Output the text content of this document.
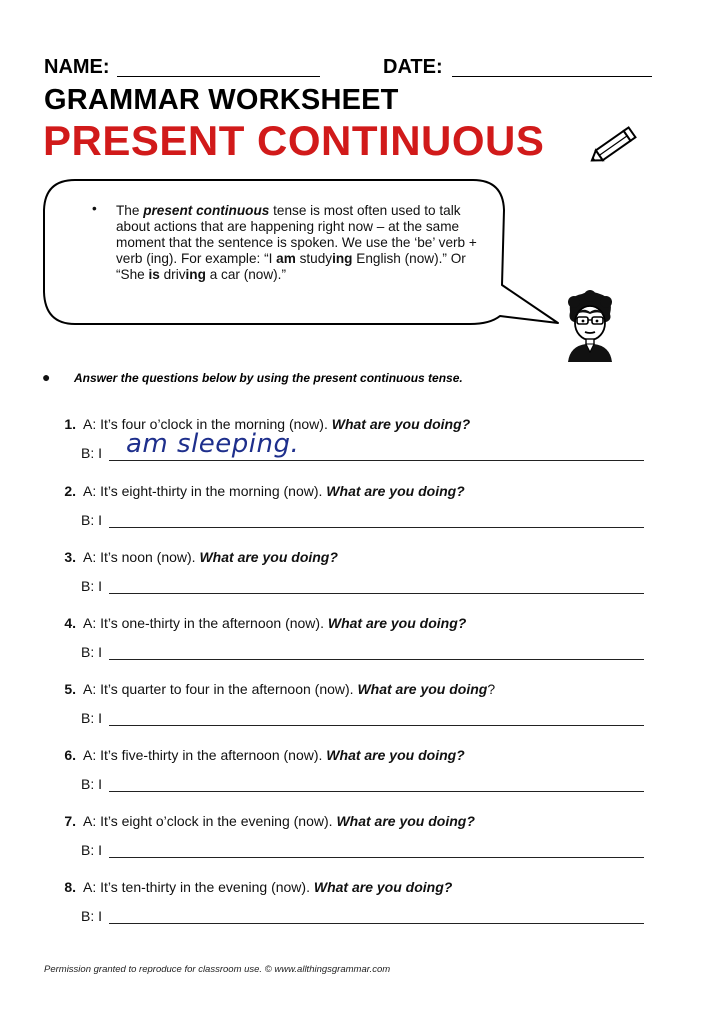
NAME:	DATE:
GRAMMAR WORKSHEET
PRESENT CONTINUOUS
• The present continuous tense is most often used to talk about actions that are happening right now – at the same moment that the sentence is spoken. We use the ‘be’ verb + verb (ing). For example: “I am studying English (now).” Or “She is driving a car (now).”
● Answer the questions below by using the present continuous tense.
1. A: It’s four o’clock in the morning (now). What are you doing?
B: I am sleeping.
2. A: It’s eight-thirty in the morning (now). What are you doing?
B: I
3. A: It’s noon (now). What are you doing?
B: I
4. A: It’s one-thirty in the afternoon (now). What are you doing?
B: I
5. A: It’s quarter to four in the afternoon (now). What are you doing?
B: I
6. A: It’s five-thirty in the afternoon (now). What are you doing?
B: I
7. A: It’s eight o’clock in the evening (now). What are you doing?
B: I
8. A: It’s ten-thirty in the evening (now). What are you doing?
B: I
Permission granted to reproduce for classroom use. © www.allthingsgrammar.com
